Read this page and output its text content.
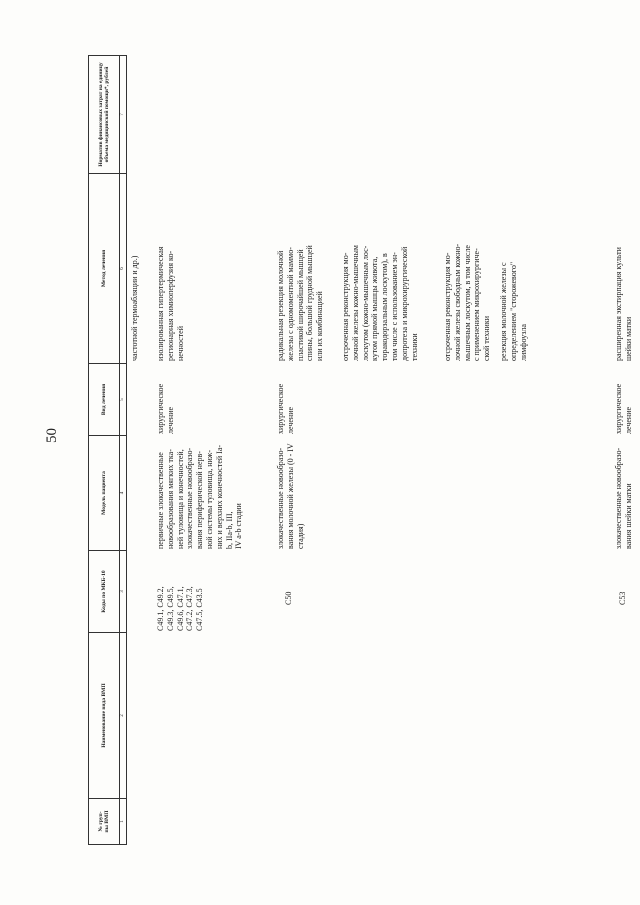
50
№ груп-
пы ВМП
Наименование вида ВМП
Коды по МКБ-10
Модель пациента
Вид лечения
Метод лечения
Норматив финансовых затрат на единицу объема медицинской помощи*, рублей
1
2
3
4
5
6
7
частотной термоабляции и др.)
С49.1, С49.2,
С49.3, С49.5,
С49.6, С47.1,
С47.2, С47.3,
С47.5, С43.5
первичные злокачественные
новообразования мягких тка-
ней туловища и конечностей,
злокачественные новообразо-
вания периферической нерв-
ной системы туловища, ниж-
них и верхних конечностей Ia-
b, IIa-b, III,
IV a-b стадии
хирургическое
лечение
изолированная гипертермическая
регионарная химиоперфузия ко-
нечностей
С50
злокачественные новообразо-
вания молочной железы (0 - IV
стадия)
хирургическое
лечение
радикальная резекция молочной
железы с одномоментной маммо-
пластикой широчайшей мышцей
спины, большой грудной мышцей
или их комбинацией
отсроченная реконструкция мо-
лочной железы кожно-мышечным
лоскутом (кожно-мышечным лос-
кутом прямой мышцы живота,
торакодорзальным лоскутом), в
том числе с использованием эн-
допротеза и микрохирургической
техники	отсроченная реконструкция мо-
лочной железы свободным кожно-
мышечным лоскутом, в том числе
с применением микрохирургиче-
ской техники
резекция молочной железы с
определением "сторожевого"
лимфоузла
С53
злокачественные новообразо-
вания шейки матки
хирургическое
лечение
расширенная экстирпация культи
шейки матки
